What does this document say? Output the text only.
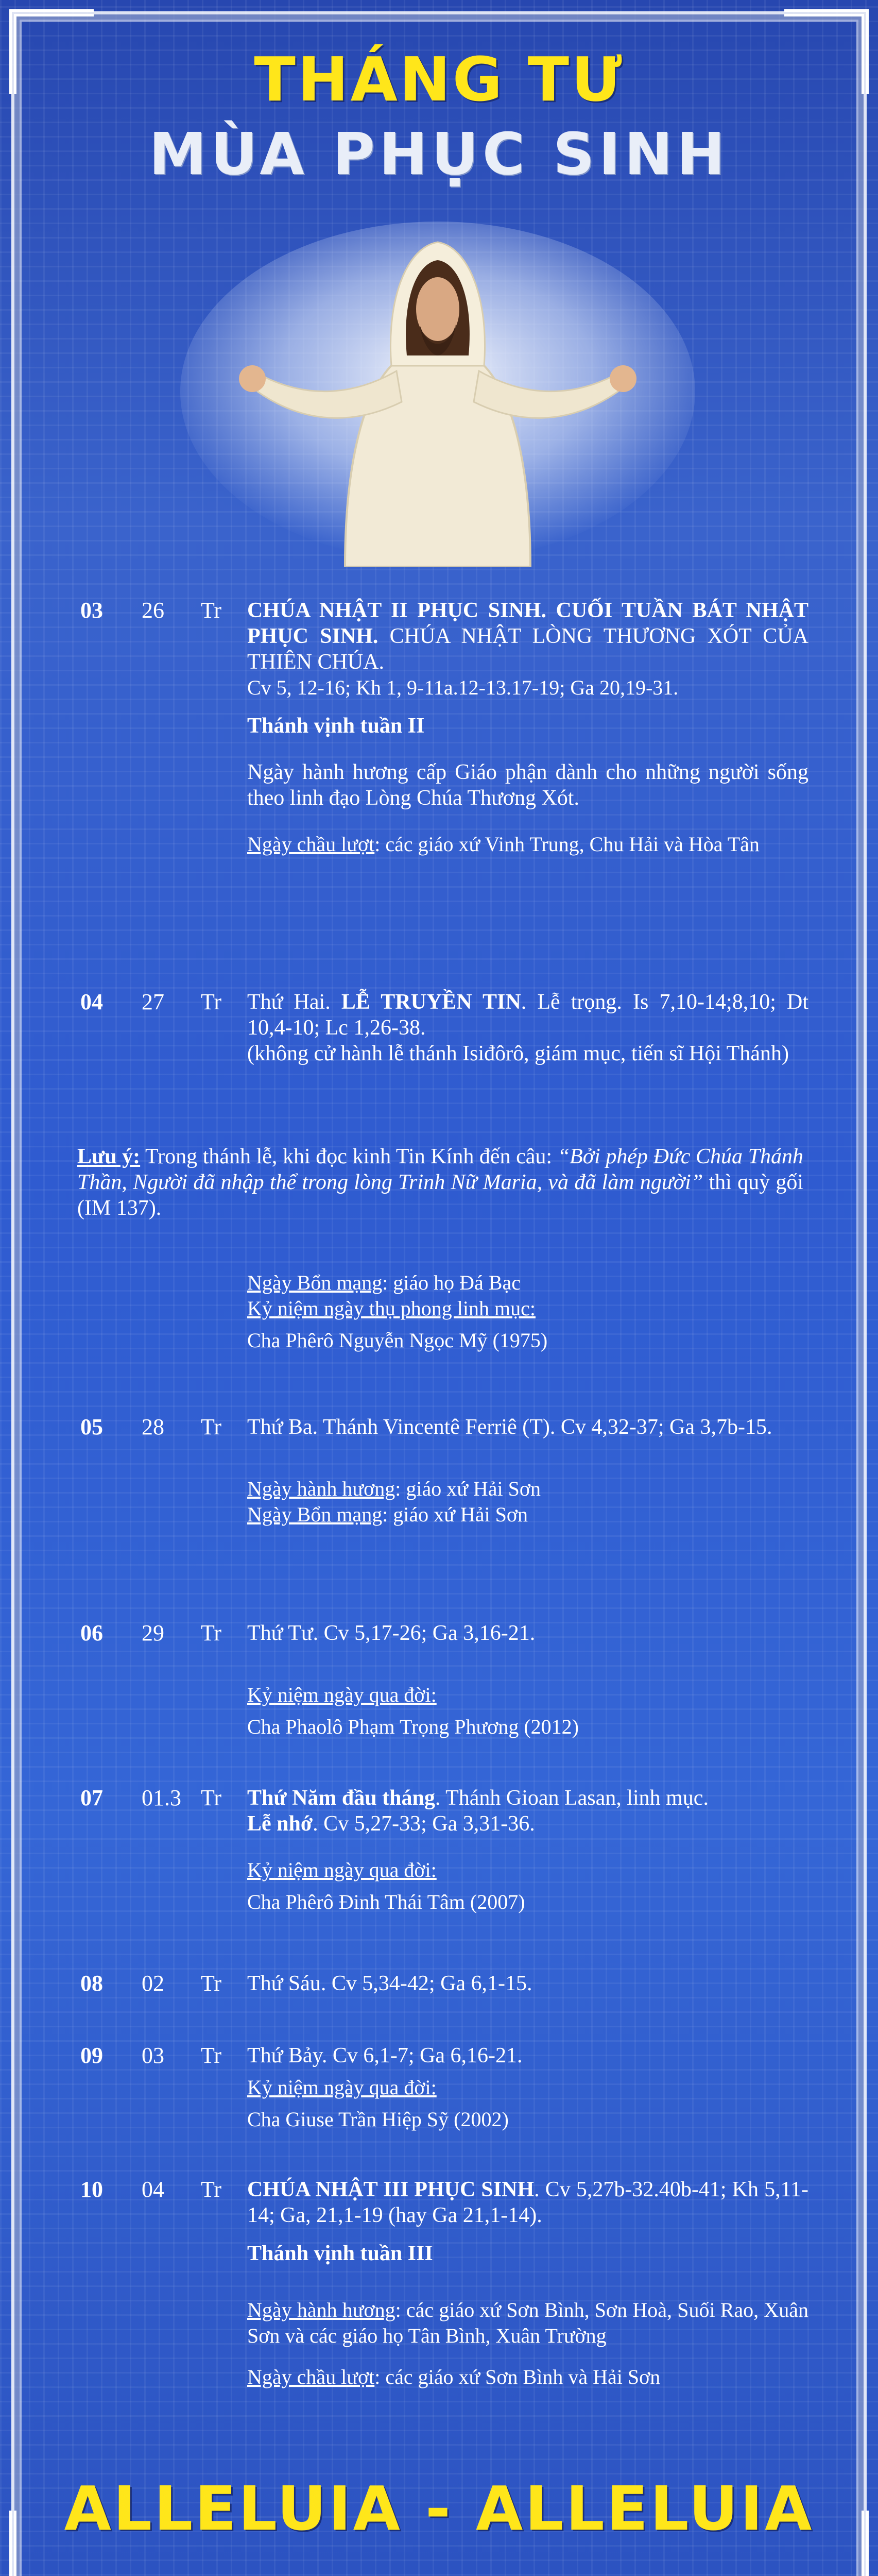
THÁNG TƯ
MÙA PHỤC SINH
03 26 Tr CHÚA NHẬT II PHỤC SINH. CUỐI TUẦN BÁT NHẬT PHỤC SINH. CHÚA NHẬT LÒNG THƯƠNG XÓT CỦA THIÊN CHÚA.

Cv 5, 12-16; Kh 1, 9-11a.12-13.17-19; Ga 20,19-31.

Thánh vịnh tuần II

Ngày hành hương cấp Giáo phận dành cho những người sống theo linh đạo Lòng Chúa Thương Xót.

Ngày chầu lượt: các giáo xứ Vinh Trung, Chu Hải và Hòa Tân

04 27 Tr Thứ Hai. LỄ TRUYỀN TIN. Lễ trọng. Is 7,10-14;8,10; Dt 10,4-10; Lc 1,26-38.

(không cử hành lễ thánh Isiđôrô, giám mục, tiến sĩ Hội Thánh)

Lưu ý: Trong thánh lễ, khi đọc kinh Tin Kính đến câu: “Bởi phép Đức Chúa Thánh Thần, Người đã nhập thể trong lòng Trinh Nữ Maria, và đã làm người” thì quỳ gối (IM 137).

Ngày Bổn mạng: giáo họ Đá Bạc

Kỷ niệm ngày thụ phong linh mục:

Cha Phêrô Nguyễn Ngọc Mỹ (1975)

05 28 Tr Thứ Ba. Thánh Vincentê Ferriê (T). Cv 4,32-37; Ga 3,7b-15.

Ngày hành hương: giáo xứ Hải Sơn

Ngày Bổn mạng: giáo xứ Hải Sơn

06 29 Tr Thứ Tư. Cv 5,17-26; Ga 3,16-21.

Kỷ niệm ngày qua đời:

Cha Phaolô Phạm Trọng Phương (2012)

07 01.3 Tr Thứ Năm đầu tháng. Thánh Gioan Lasan, linh mục.

Lễ nhớ. Cv 5,27-33; Ga 3,31-36.

Kỷ niệm ngày qua đời:

Cha Phêrô Đinh Thái Tâm (2007)

08 02 Tr Thứ Sáu. Cv 5,34-42; Ga 6,1-15.

09 03 Tr Thứ Bảy. Cv 6,1-7; Ga 6,16-21.

Kỷ niệm ngày qua đời:

Cha Giuse Trần Hiệp Sỹ (2002)

10 04 Tr CHÚA NHẬT III PHỤC SINH. Cv 5,27b-32.40b-41; Kh 5,11-14; Ga, 21,1-19 (hay Ga 21,1-14).

Thánh vịnh tuần III

Ngày hành hương: các giáo xứ Sơn Bình, Sơn Hoà, Suối Rao, Xuân Sơn và các giáo họ Tân Bình, Xuân Trường

Ngày chầu lượt: các giáo xứ Sơn Bình và Hải Sơn

ALLELUIA - ALLELUIA
